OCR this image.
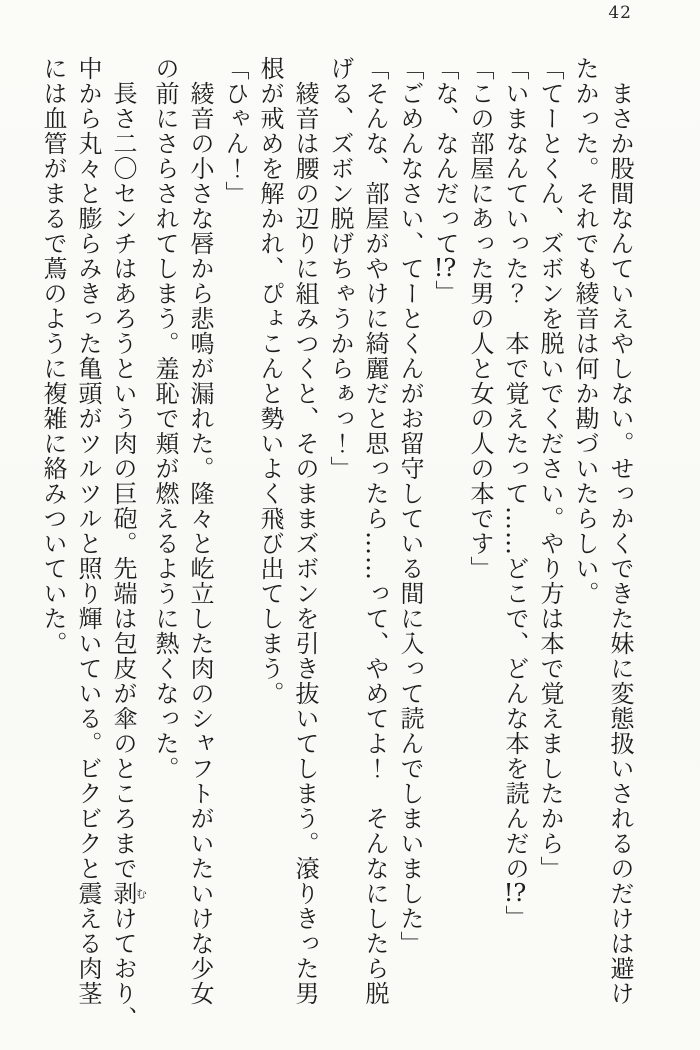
42

まさか股間なんていえやしない。せっかくできた妹に変態扱いされるのだけは避け

たかった。それでも綾音は何か勘づいたらしい。

「てーとくん、ズボンを脱いでください。やり方は本で覚えましたから」

「いまなんていった？　本で覚えたって……どこで、どんな本を読んだの!?」

「この部屋にあった男の人と女の人の本です」

「な、なんだって!?」

「ごめんなさい、てーとくんがお留守している間に入って読んでしまいました」

「そんな、部屋がやけに綺麗だと思ったら……って、やめてよ！　そんなにしたら脱

げる、ズボン脱げちゃうからぁっ！」

綾音は腰の辺りに組みつくと、そのままズボンを引き抜いてしまう。滾りきった男

根が戒めを解かれ、ぴょこんと勢いよく飛び出てしまう。

「ひゃん！」

綾音の小さな唇から悲鳴が漏れた。隆々と屹立した肉のシャフトがいたいけな少女

の前にさらされてしまう。羞恥で頬が燃えるように熱くなった。

長さ二〇センチはあろうという肉の巨砲。先端は包皮が傘のところまで剥むけており、

中から丸々と膨らみきった亀頭がツルツルと照り輝いている。ビクビクと震える肉茎

には血管がまるで蔦のように複雑に絡みついていた。
